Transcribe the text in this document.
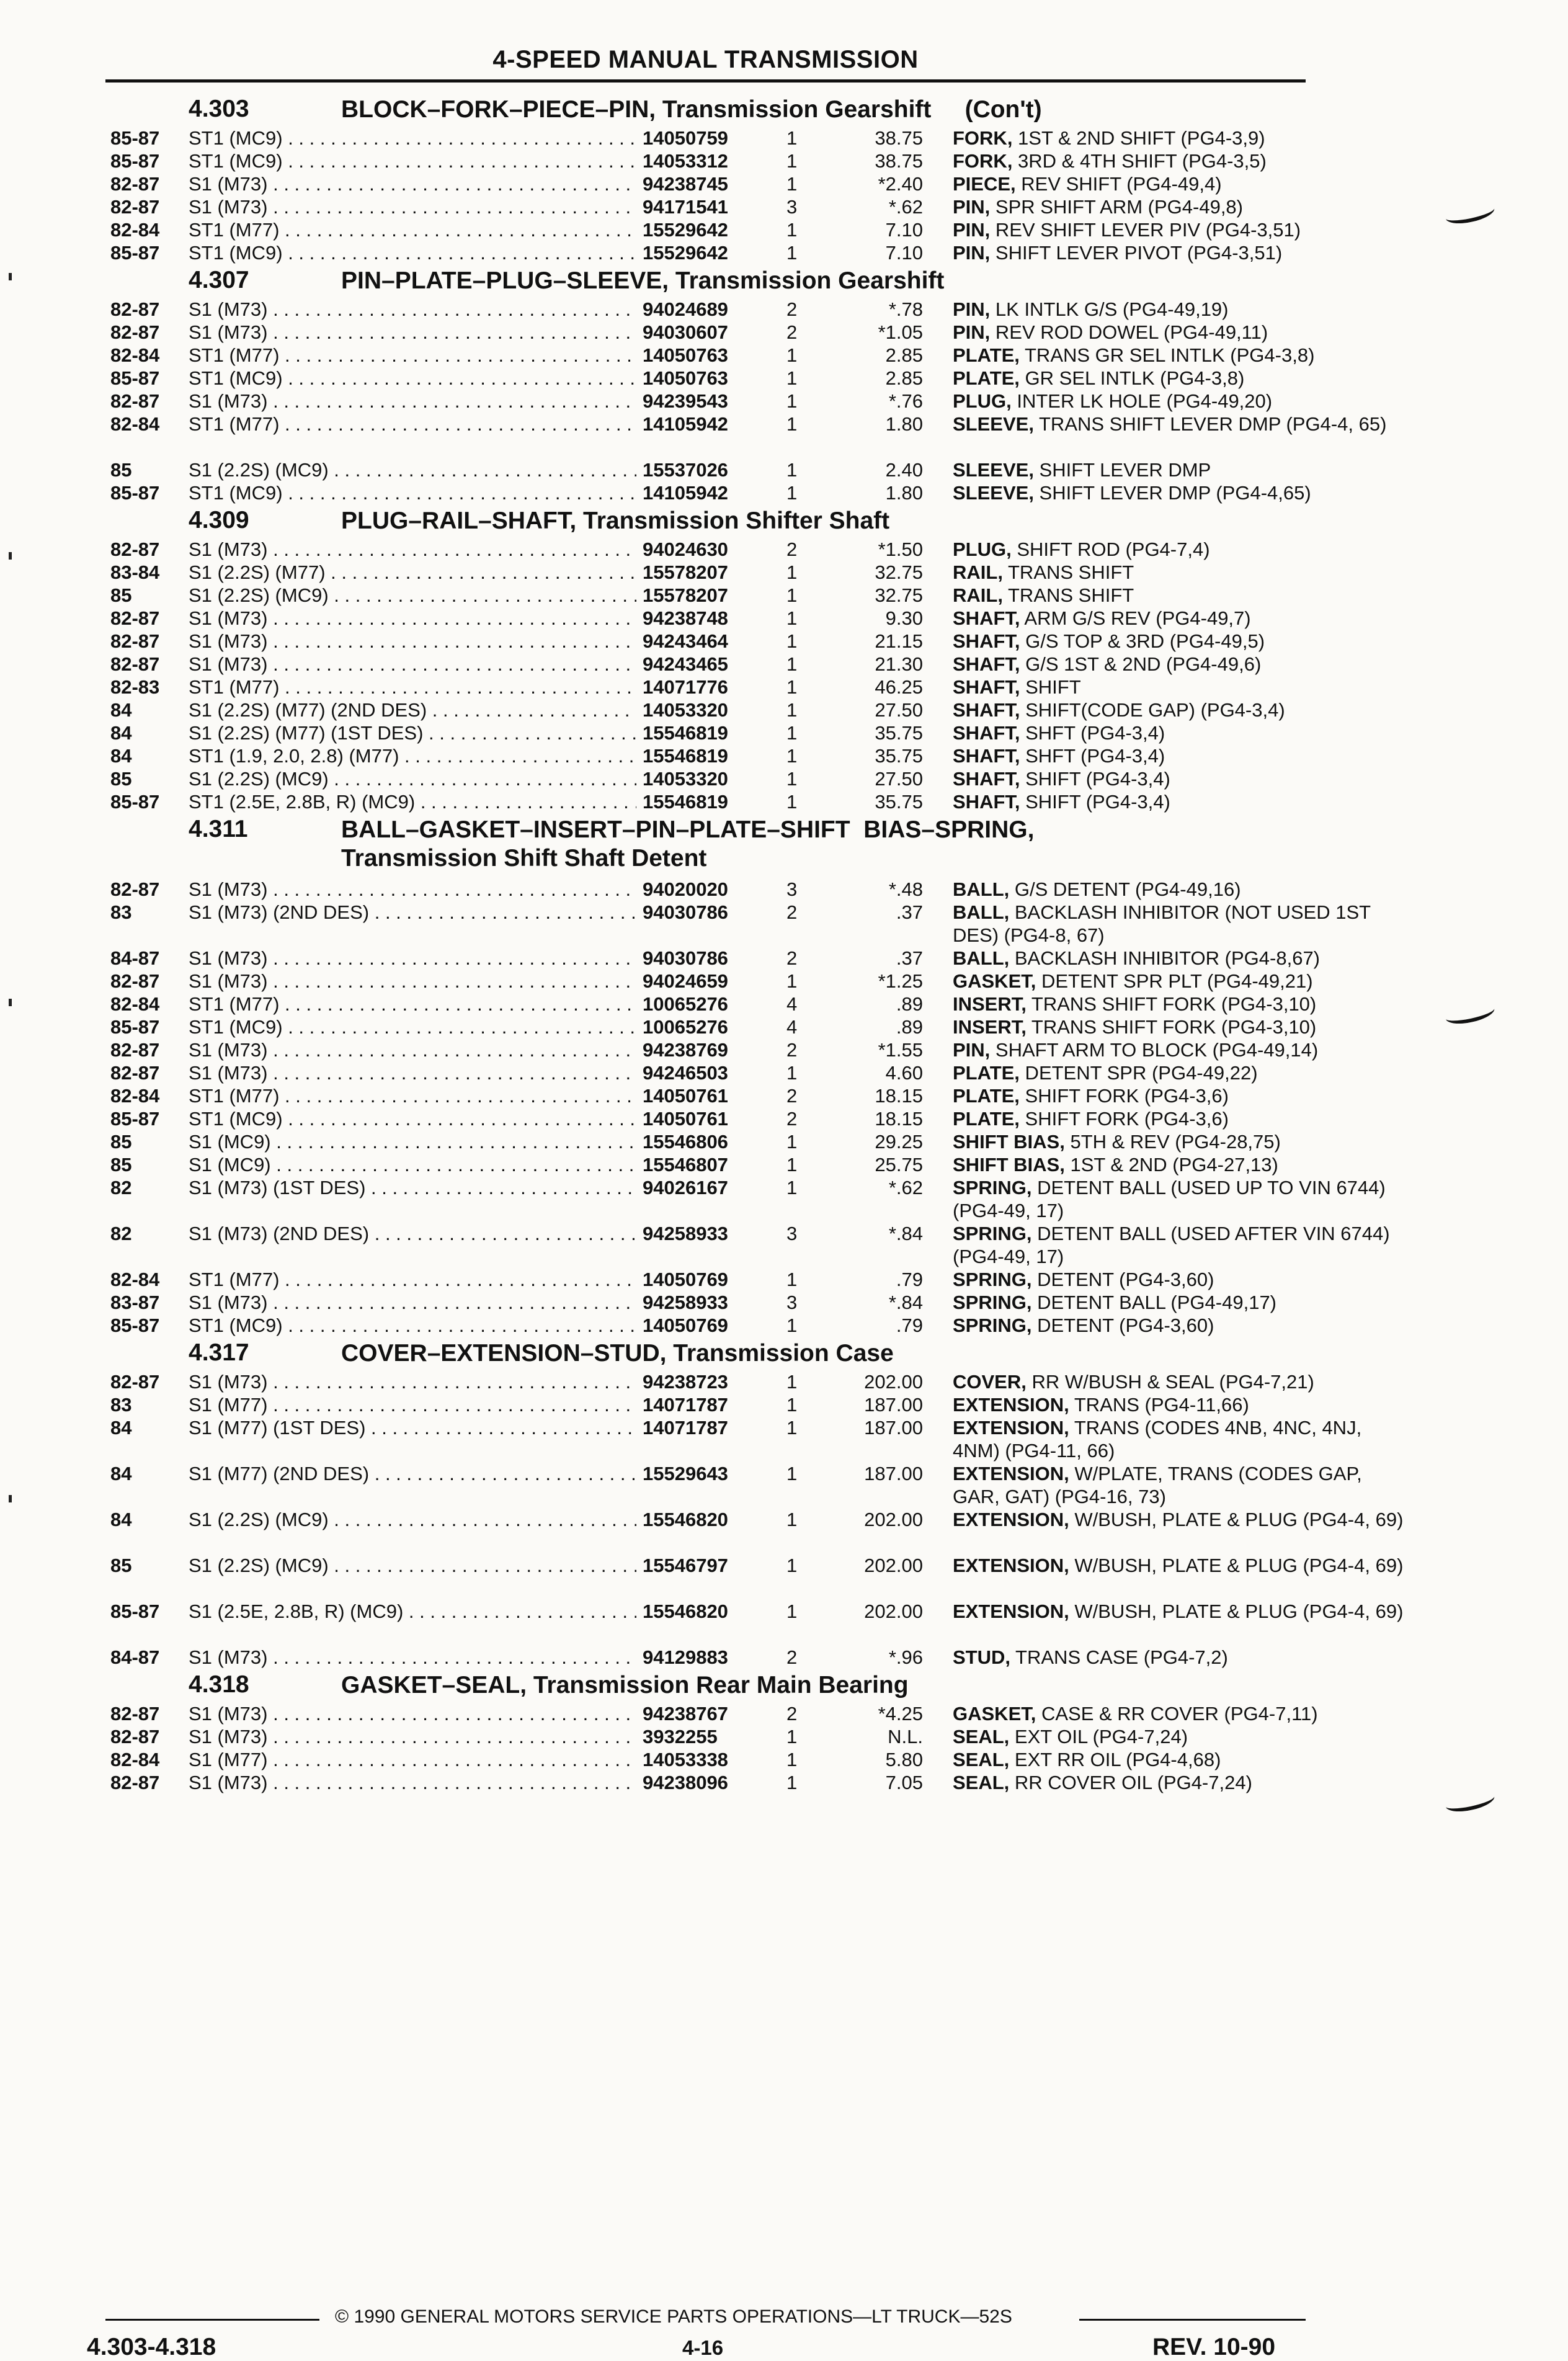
4-SPEED MANUAL TRANSMISSION
4.303	BLOCK–FORK–PIECE–PIN, Transmission Gearshift     (Con't)
85-87 ST1 (MC9) . . .	14050759	1	38.75 FORK, 1ST & 2ND SHIFT (PG4-3,9)
85-87 ST1 (MC9) . . .	14053312	1	38.75 FORK, 3RD & 4TH SHIFT (PG4-3,5)
82-87 S1 (M73) . . .	94238745	1	*2.40 PIECE, REV SHIFT (PG4-49,4)
82-87 S1 (M73) . . .	94171541	3	*.62 PIN, SPR SHIFT ARM (PG4-49,8)
82-84 ST1 (M77) . . .	15529642	1	7.10 PIN, REV SHIFT LEVER PIV (PG4-3,51)
85-87 ST1 (MC9) . . .	15529642	1	7.10 PIN, SHIFT LEVER PIVOT (PG4-3,51)
4.307	PIN–PLATE–PLUG–SLEEVE, Transmission Gearshift
82-87 S1 (M73) . . .	94024689	2	*.78 PIN, LK INTLK G/S (PG4-49,19)
82-87 S1 (M73) . . .	94030607	2	*1.05 PIN, REV ROD DOWEL (PG4-49,11)
82-84 ST1 (M77) . . .	14050763	1	2.85 PLATE, TRANS GR SEL INTLK (PG4-3,8)
85-87 ST1 (MC9) . . .	14050763	1	2.85 PLATE, GR SEL INTLK (PG4-3,8)
82-87 S1 (M73) . . .	94239543	1	*.76 PLUG, INTER LK HOLE (PG4-49,20)
82-84 ST1 (M77) . . .	14105942	1	1.80 SLEEVE, TRANS SHIFT LEVER DMP (PG4-4, 65)
85	S1 (2.2S) (MC9) . . .	15537026	1	2.40 SLEEVE, SHIFT LEVER DMP
85-87 ST1 (MC9) . . .	14105942	1	1.80 SLEEVE, SHIFT LEVER DMP (PG4-4,65)
4.309	PLUG–RAIL–SHAFT, Transmission Shifter Shaft
82-87 S1 (M73) . . .	94024630	2	*1.50 PLUG, SHIFT ROD (PG4-7,4)
83-84 S1 (2.2S) (M77) . . .	15578207	1	32.75 RAIL, TRANS SHIFT
85	S1 (2.2S) (MC9) . . .	15578207	1	32.75 RAIL, TRANS SHIFT
82-87 S1 (M73) . . .	94238748	1	9.30 SHAFT, ARM G/S REV (PG4-49,7)
82-87 S1 (M73) . . .	94243464	1	21.15 SHAFT, G/S TOP & 3RD (PG4-49,5)
82-87 S1 (M73) . . .	94243465	1	21.30 SHAFT, G/S 1ST & 2ND (PG4-49,6)
82-83 ST1 (M77) . . .	14071776	1	46.25 SHAFT, SHIFT
84	S1 (2.2S) (M77) (2ND DES) . . .	14053320	1	27.50 SHAFT, SHIFT(CODE GAP) (PG4-3,4)
84	S1 (2.2S) (M77) (1ST DES) . . .	15546819	1	35.75 SHAFT, SHFT (PG4-3,4)
84	ST1 (1.9, 2.0, 2.8) (M77) . . .	15546819	1	35.75 SHAFT, SHFT (PG4-3,4)
85	S1 (2.2S) (MC9) . . .	14053320	1	27.50 SHAFT, SHIFT (PG4-3,4)
85-87 ST1 (2.5E, 2.8B, R) (MC9) . . .	15546819	1	35.75 SHAFT, SHIFT (PG4-3,4)
4.311	BALL–GASKET–INSERT–PIN–PLATE–SHIFT  BIAS–SPRING,
Transmission Shift Shaft Detent
82-87 S1 (M73) . . .	94020020	3	*.48 BALL, G/S DETENT (PG4-49,16)
83	S1 (M73) (2ND DES) . . .	94030786	2	.37 BALL, BACKLASH INHIBITOR (NOT USED 1ST DES) (PG4-8, 67)
84-87 S1 (M73) . . .	94030786	2	.37 BALL, BACKLASH INHIBITOR (PG4-8,67)
82-87 S1 (M73) . . .	94024659	1	*1.25 GASKET, DETENT SPR PLT (PG4-49,21)
82-84 ST1 (M77) . . .	10065276	4	.89 INSERT, TRANS SHIFT FORK (PG4-3,10)
85-87 ST1 (MC9) . . .	10065276	4	.89 INSERT, TRANS SHIFT FORK (PG4-3,10)
82-87 S1 (M73) . . .	94238769	2	*1.55 PIN, SHAFT ARM TO BLOCK (PG4-49,14)
82-87 S1 (M73) . . .	94246503	1	4.60 PLATE, DETENT SPR (PG4-49,22)
82-84 ST1 (M77) . . .	14050761	2	18.15 PLATE, SHIFT FORK (PG4-3,6)
85-87 ST1 (MC9) . . .	14050761	2	18.15 PLATE, SHIFT FORK (PG4-3,6)
85	S1 (MC9) . . .	15546806	1	29.25 SHIFT BIAS, 5TH & REV (PG4-28,75)
85	S1 (MC9) . . .	15546807	1	25.75 SHIFT BIAS, 1ST & 2ND (PG4-27,13)
82	S1 (M73) (1ST DES) . . .	94026167	1	*.62 SPRING, DETENT BALL (USED UP TO VIN 6744) (PG4-49, 17)
82	S1 (M73) (2ND DES) . . .	94258933	3	*.84 SPRING, DETENT BALL (USED AFTER VIN 6744) (PG4-49, 17)
82-84 ST1 (M77) . . .	14050769	1	.79 SPRING, DETENT (PG4-3,60)
83-87 S1 (M73) . . .	94258933	3	*.84 SPRING, DETENT BALL (PG4-49,17)
85-87 ST1 (MC9) . . .	14050769	1	.79 SPRING, DETENT (PG4-3,60)
4.317	COVER–EXTENSION–STUD, Transmission Case
82-87 S1 (M73) . . .	94238723	1	202.00 COVER, RR W/BUSH & SEAL (PG4-7,21)
83	S1 (M77) . . .	14071787	1	187.00 EXTENSION, TRANS (PG4-11,66)
84	S1 (M77) (1ST DES) . . .	14071787	1	187.00 EXTENSION, TRANS (CODES 4NB, 4NC, 4NJ, 4NM) (PG4-11, 66)
84	S1 (M77) (2ND DES) . . .	15529643	1	187.00 EXTENSION, W/PLATE, TRANS (CODES GAP, GAR, GAT) (PG4-16, 73)
84	S1 (2.2S) (MC9) . . .	15546820	1	202.00 EXTENSION, W/BUSH, PLATE & PLUG (PG4-4, 69)
85	S1 (2.2S) (MC9) . . .	15546797	1	202.00 EXTENSION, W/BUSH, PLATE & PLUG (PG4-4, 69)
85-87 S1 (2.5E, 2.8B, R) (MC9) . . .	15546820	1	202.00 EXTENSION, W/BUSH, PLATE & PLUG (PG4-4, 69)
84-87 S1 (M73) . . .	94129883	2	*.96 STUD, TRANS CASE (PG4-7,2)
4.318	GASKET–SEAL, Transmission Rear Main Bearing
82-87 S1 (M73) . . .	94238767	2	*4.25 GASKET, CASE & RR COVER (PG4-7,11)
82-87 S1 (M73) . . .	3932255	1	N.L. SEAL, EXT OIL (PG4-7,24)
82-84 S1 (M77) . . .	14053338	1	5.80 SEAL, EXT RR OIL (PG4-4,68)
82-87 S1 (M73) . . .	94238096	1	7.05 SEAL, RR COVER OIL (PG4-7,24)
© 1990 GENERAL MOTORS SERVICE PARTS OPERATIONS—LT TRUCK—52S
4.303-4.318	4-16	REV. 10-90
